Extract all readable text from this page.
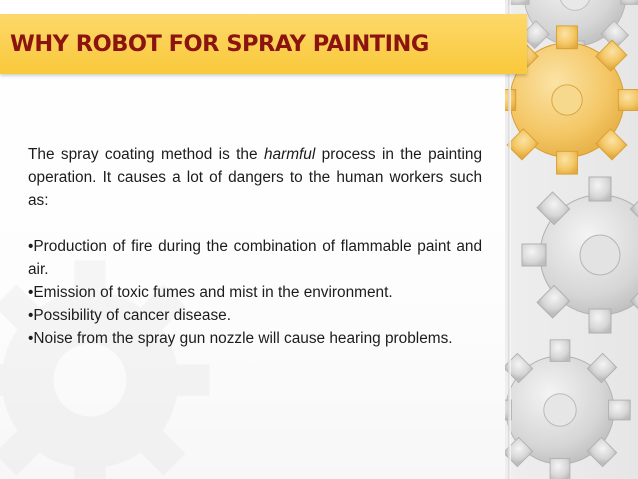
WHY ROBOT FOR SPRAY PAINTING

The spray coating method is the harmful process in the painting operation. It causes a lot of dangers to the human workers such as:

• Production of fire during the combination of flammable paint and air.

• Emission of toxic fumes and mist in the environment.

• Possibility of cancer disease.

• Noise from the spray gun nozzle will cause hearing problems.
